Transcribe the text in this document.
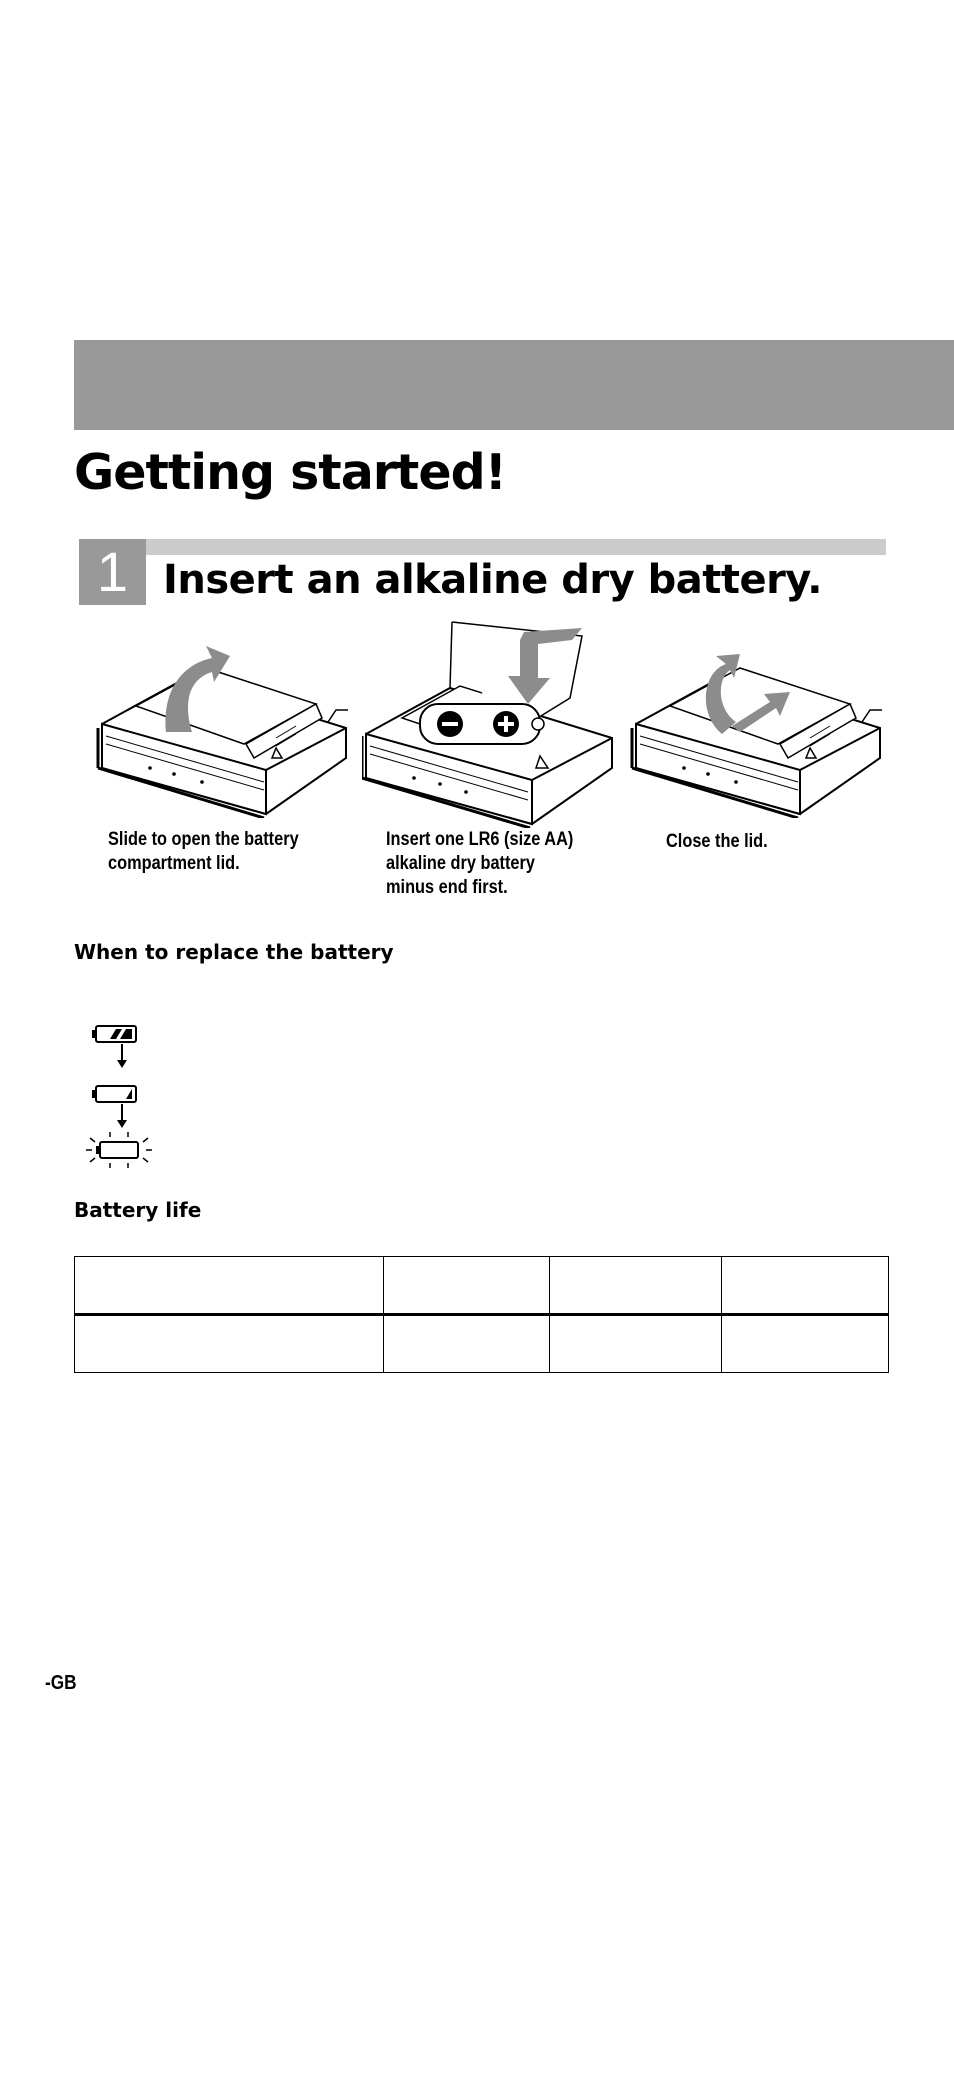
Getting started!
1 Insert an alkaline dry battery.
Slide to open the battery
compartment lid.
Insert one LR6 (size AA)
alkaline dry battery
minus end first.
Close the lid.
When to replace the battery
Battery life

-GB
